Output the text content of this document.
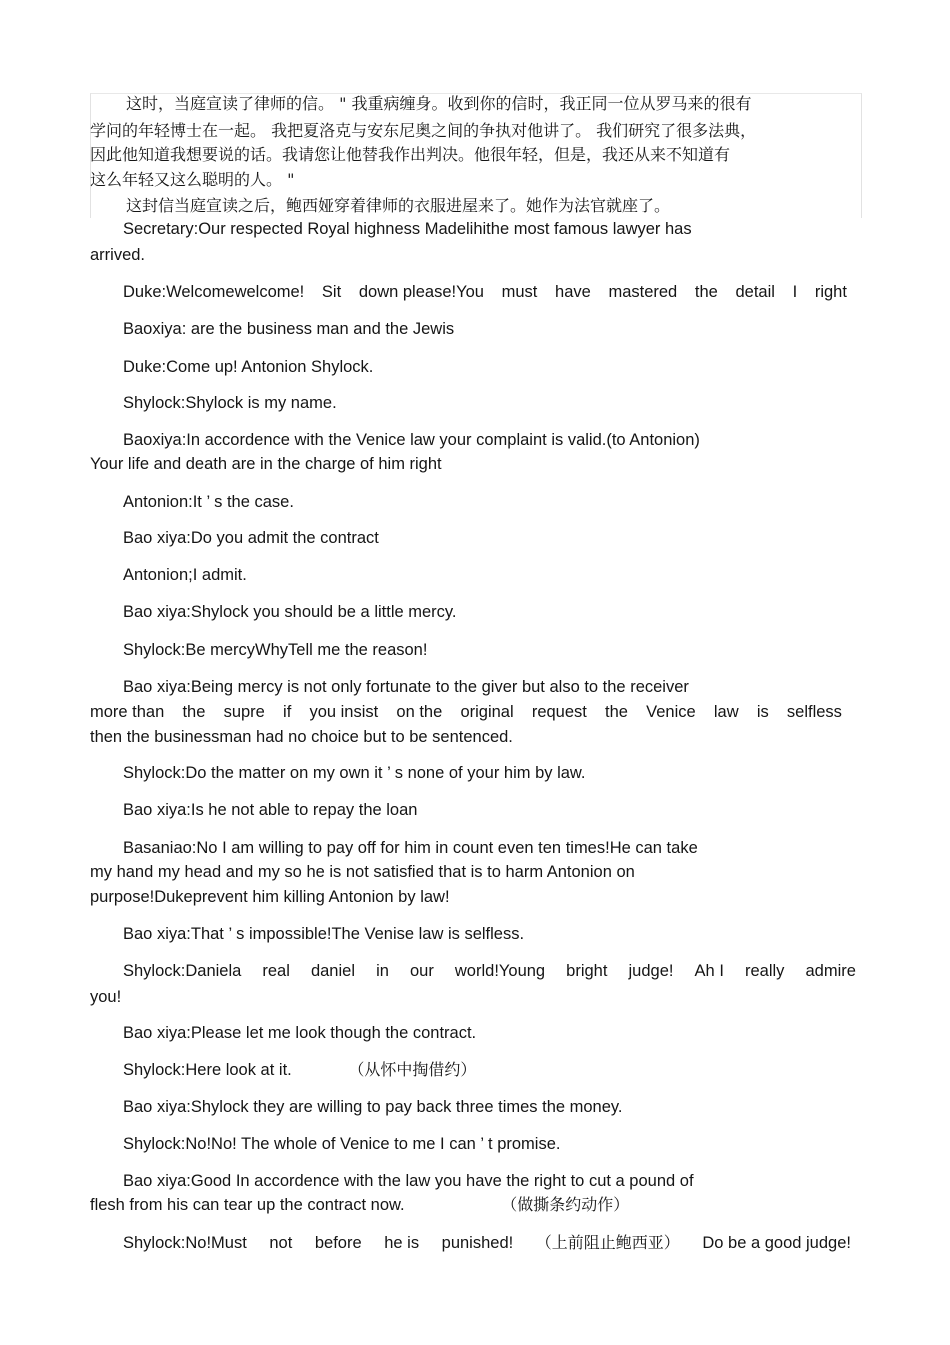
这时，当庭宣读了律师的信。 " 我重病缠身。收到你的信时，我正同一位从罗马来的很有
学问的年轻博士在一起。 我把夏洛克与安东尼奥之间的争执对他讲了。 我们研究了很多法典，
因此他知道我想要说的话。我请您让他替我作出判决。他很年轻，但是，我还从来不知道有
这么年轻又这么聪明的人。 "
这封信当庭宣读之后，鲍西娅穿着律师的衣服进屋来了。她作为法官就座了。
Secretary:Our respected Royal highness Madelihithe most famous lawyer has
arrived.
Duke:Welcomewelcome! Sit down please!You must have mastered the detail I right
Baoxiya: are the business man and the Jewis
Duke:Come up! Antonion Shylock.
Shylock:Shylock is my name.
Baoxiya:In accordence with the Venice law your complaint is valid.(to Antonion)
Your life and death are in the charge of him right
Antonion:It ’ s the case.
Bao xiya:Do you admit the contract
Antonion;I admit.
Bao xiya:Shylock you should be a little mercy.
Shylock:Be mercyWhyTell me the reason!
Bao xiya:Being mercy is not only fortunate to the giver but also to the receiver
more than the supre if you insist on the original request the Venice law is selfless
then the businessman had no choice but to be sentenced.
Shylock:Do the matter on my own it ’ s none of your him by law.
Bao xiya:Is he not able to repay the loan
Basaniao:No I am willing to pay off for him in count even ten times!He can take
my hand my head and my so he is not satisfied that is to harm Antonion on
purpose!Dukeprevent him killing Antonion by law!
Bao xiya:That ’ s impossible!The Venise law is selfless.
Shylock:Daniela real daniel in our world!Young bright judge! Ah I really admire
you!
Bao xiya:Please let me look though the contract.
Shylock:Here look at it.	（从怀中掏借约）
Bao xiya:Shylock they are willing to pay back three times the money.
Shylock:No!No! The whole of Venice to me I can ’ t promise.
Bao xiya:Good In accordence with the law you have the right to cut a pound of
flesh from his can tear up the contract now.	（做撕条约动作）
Shylock:No!Must not before he is punished! （上前阻止鲍西亚） Do be a good judge!
